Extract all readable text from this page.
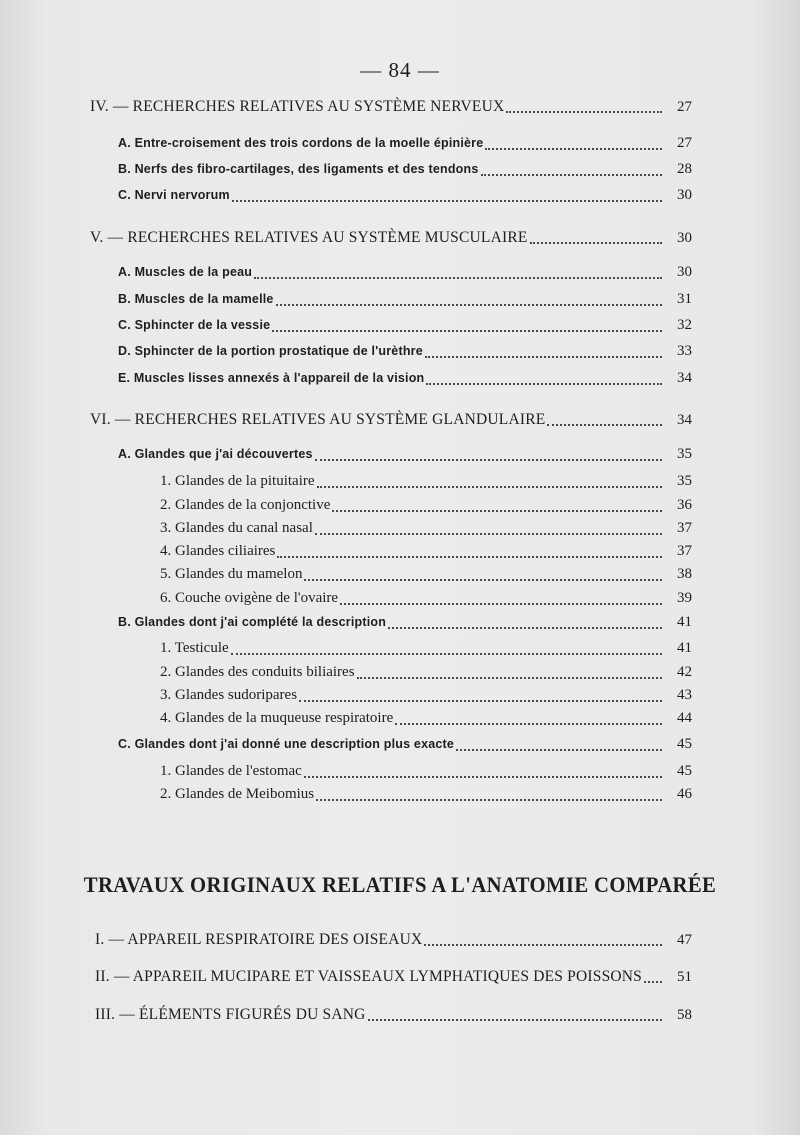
— 84 —
IV. — RECHERCHES RELATIVES AU SYSTÈME NERVEUX	27
A. Entre-croisement des trois cordons de la moelle épinière	27
B. Nerfs des fibro-cartilages, des ligaments et des tendons	28
C. Nervi nervorum	30
V. — RECHERCHES RELATIVES AU SYSTÈME MUSCULAIRE	30
A. Muscles de la peau	30
B. Muscles de la mamelle	31
C. Sphincter de la vessie	32
D. Sphincter de la portion prostatique de l'urèthre	33
E. Muscles lisses annexés à l'appareil de la vision	34
VI. — RECHERCHES RELATIVES AU SYSTÈME GLANDULAIRE	34
A. Glandes que j'ai découvertes	35
1. Glandes de la pituitaire	35
2. Glandes de la conjonctive	36
3. Glandes du canal nasal	37
4. Glandes ciliaires	37
5. Glandes du mamelon	38
6. Couche ovigène de l'ovaire	39
B. Glandes dont j'ai complété la description	41
1. Testicule	41
2. Glandes des conduits biliaires	42
3. Glandes sudoripares	43
4. Glandes de la muqueuse respiratoire	44
C. Glandes dont j'ai donné une description plus exacte	45
1. Glandes de l'estomac	45
2. Glandes de Meibomius	46
TRAVAUX ORIGINAUX RELATIFS A L'ANATOMIE COMPARÉE
I. — APPAREIL RESPIRATOIRE DES OISEAUX	47
II. — APPAREIL MUCIPARE ET VAISSEAUX LYMPHATIQUES DES POISSONS	51
III. — ÉLÉMENTS FIGURÉS DU SANG	58
